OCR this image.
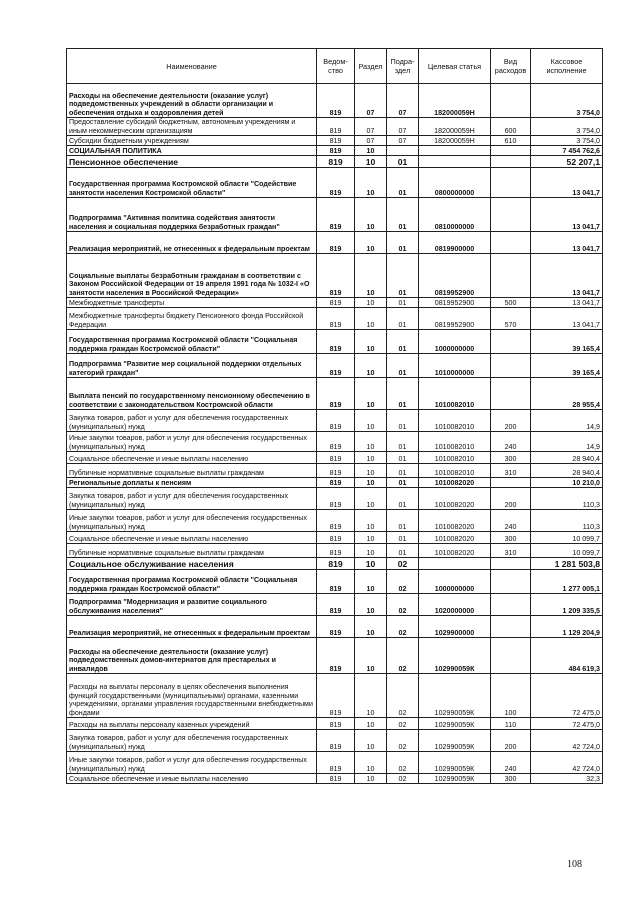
Наименование	Ведом-ство	Раздел	Подра-здел	Целевая статья	Вид расходов	Кассовое исполнение
Расходы на обеспечение деятельности (оказание услуг) подведомственных учреждений в области организации и обеспечения отдыха и оздоровления детей	819	07	07	182000059Н		3 754,0
Предоставление субсидий бюджетным, автономным учреждениям и иным некоммерческим организациям	819	07	07	182000059Н	600	3 754,0
Субсидии бюджетным учреждениям	819	07	07	182000059Н	610	3 754,0
СОЦИАЛЬНАЯ ПОЛИТИКА	819	10				7 454 762,6
Пенсионное обеспечение	819	10	01			52 207,1
Государственная программа Костромской области "Содействие занятости населения Костромской области"	819	10	01	0800000000		13 041,7
Подпрограмма "Активная политика содействия занятости населения и социальная поддержка безработных граждан"	819	10	01	0810000000		13 041,7
Реализация мероприятий, не отнесенных к федеральным проектам	819	10	01	0819900000		13 041,7
Социальные выплаты безработным гражданам в соответствии с Законом Российской Федерации от 19 апреля 1991 года № 1032-I «О занятости населения в Российской Федерации»	819	10	01	0819952900		13 041,7
Межбюджетные трансферты	819	10	01	0819952900	500	13 041,7
Межбюджетные трансферты бюджету Пенсионного фонда Российской Федерации	819	10	01	0819952900	570	13 041,7
Государственная программа Костромской области "Социальная поддержка граждан Костромской области"	819	10	01	1000000000		39 165,4
Подпрограмма "Развитие мер социальной поддержки отдельных категорий граждан"	819	10	01	1010000000		39 165,4
Выплата пенсий по государственному пенсионному обеспечению в соответствии с законодательством Костромской области	819	10	01	1010082010		28 955,4
Закупка товаров, работ и услуг для обеспечения государственных (муниципальных) нужд	819	10	01	1010082010	200	14,9
Иные закупки товаров, работ и услуг для обеспечения государственных (муниципальных) нужд	819	10	01	1010082010	240	14,9
Социальное обеспечение и иные выплаты населению	819	10	01	1010082010	300	28 940,4
Публичные нормативные социальные выплаты гражданам	819	10	01	1010082010	310	28 940,4
Региональные доплаты к пенсиям	819	10	01	1010082020		10 210,0
Закупка товаров, работ и услуг для обеспечения государственных (муниципальных) нужд	819	10	01	1010082020	200	110,3
Иные закупки товаров, работ и услуг для обеспечения государственных (муниципальных) нужд	819	10	01	1010082020	240	110,3
Социальное обеспечение и иные выплаты населению	819	10	01	1010082020	300	10 099,7
Публичные нормативные социальные выплаты гражданам	819	10	01	1010082020	310	10 099,7
Социальное обслуживание населения	819	10	02			1 281 503,8
Государственная программа Костромской области "Социальная поддержка граждан Костромской области"	819	10	02	1000000000		1 277 005,1
Подпрограмма "Модернизация и развитие социального обслуживания населения"	819	10	02	1020000000		1 209 335,5
Реализация мероприятий, не отнесенных к федеральным проектам	819	10	02	1029900000		1 129 204,9
Расходы на обеспечение деятельности (оказание услуг) подведомственных домов-интернатов для престарелых и инвалидов	819	10	02	102990059К		484 619,3
Расходы на выплаты персоналу в целях обеспечения выполнения функций государственными (муниципальными) органами, казенными учреждениями, органами управления государственными внебюджетными фондами	819	10	02	102990059К	100	72 475,0
Расходы на выплаты персоналу казенных учреждений	819	10	02	102990059К	110	72 475,0
Закупка товаров, работ и услуг для обеспечения государственных (муниципальных) нужд	819	10	02	102990059К	200	42 724,0
Иные закупки товаров, работ и услуг для обеспечения государственных (муниципальных) нужд	819	10	02	102990059К	240	42 724,0
Социальное обеспечение и иные выплаты населению	819	10	02	102990059К	300	32,3
108
